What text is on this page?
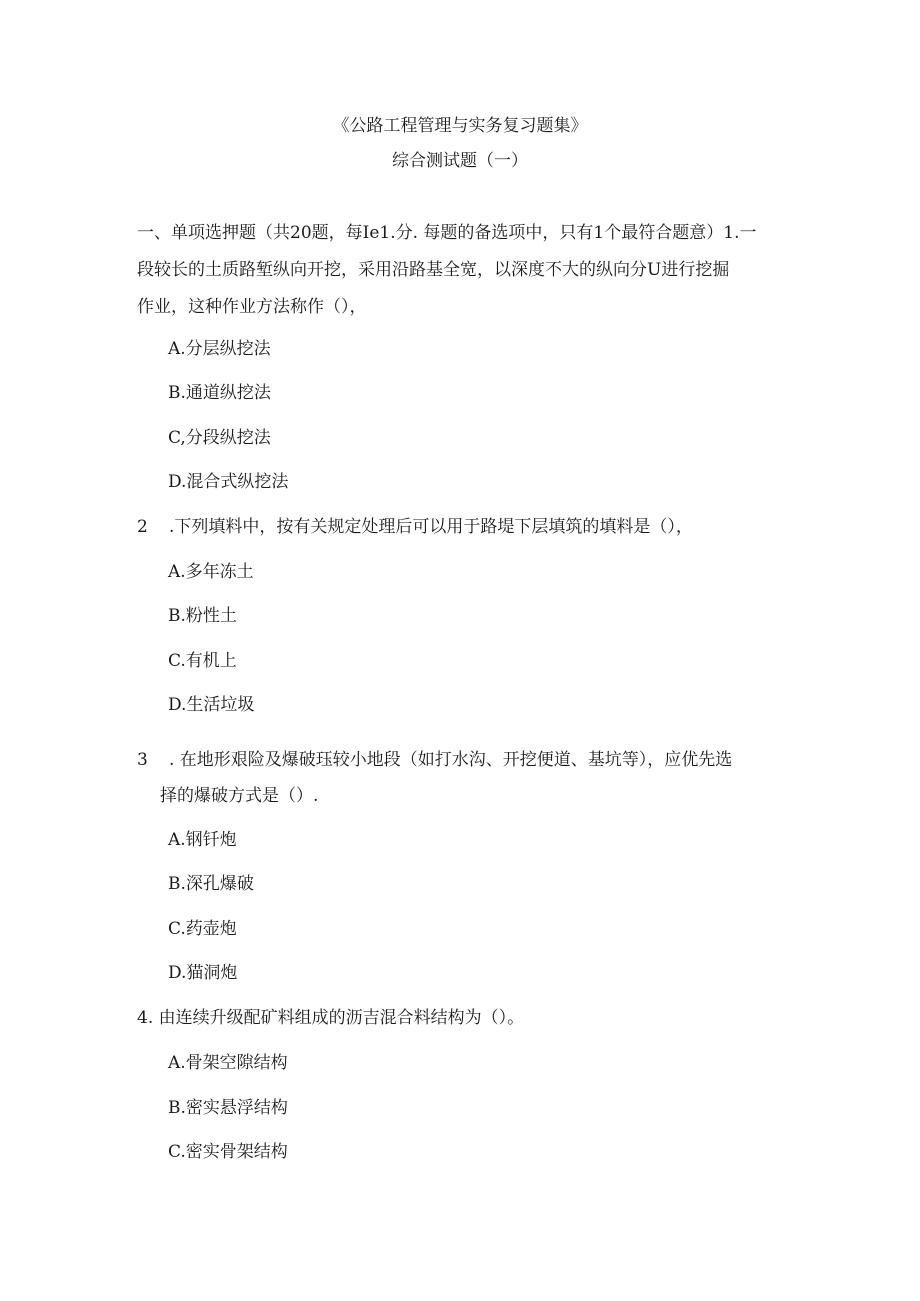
《公路工程管理与实务复习题集》
综合测试题（一）
一、单项选押题（共20题，每Ie1.分. 每题的备选项中，只有1个最符合题意）1.一
段较长的土质路堑纵向开挖，采用沿路基全宽，以深度不大的纵向分U进行挖掘
作业，这种作业方法称作（），
A.分层纵挖法
B.通道纵挖法
C,分段纵挖法
D.混合式纵挖法
2 .下列填料中，按有关规定处理后可以用于路堤下层填筑的填料是（），
A.多年冻土
B.粉性土
C.有机上
D.生活垃圾
3 . 在地形艰险及爆破珏较小地段（如打水沟、开挖便道、基坑等），应优先选
择的爆破方式是（）.
A.钢钎炮
B.深孔爆破
C.药壶炮
D.猫洞炮
4. 由连续升级配矿料组成的沥吉混合料结构为（）。
A.骨架空隙结构
B.密实悬浮结构
C.密实骨架结构
